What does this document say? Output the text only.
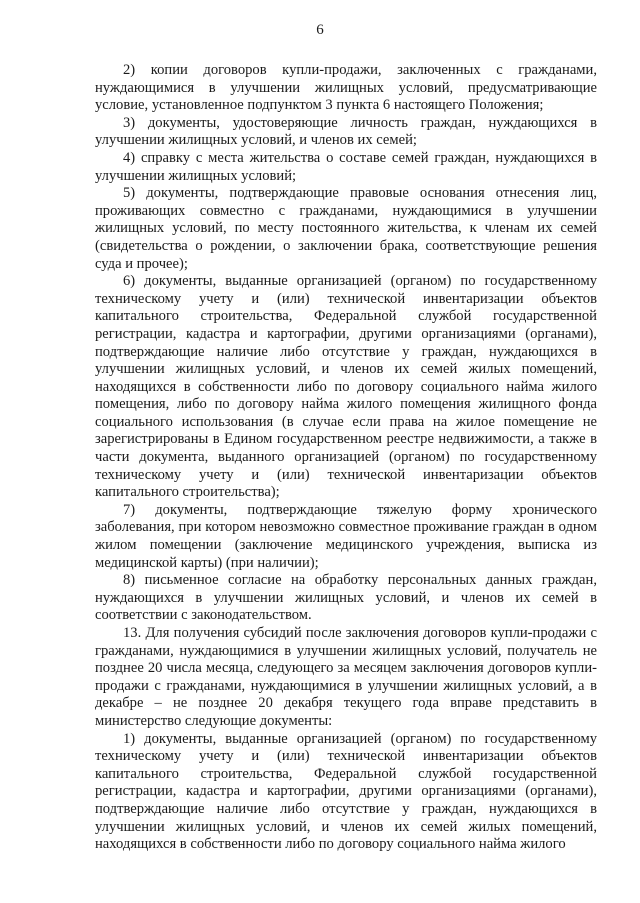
6

2) копии договоров купли-продажи, заключенных с гражданами, нуждающимися в улучшении жилищных условий, предусматривающие условие, установленное подпунктом 3 пункта 6 настоящего Положения;

3) документы, удостоверяющие личность граждан, нуждающихся в улучшении жилищных условий, и членов их семей;

4) справку с места жительства о составе семей граждан, нуждающихся в улучшении жилищных условий;

5) документы, подтверждающие правовые основания отнесения лиц, проживающих совместно с гражданами, нуждающимися в улучшении жилищных условий, по месту постоянного жительства, к членам их семей (свидетельства о рождении, о заключении брака, соответствующие решения суда и прочее);

6) документы, выданные организацией (органом) по государственному техническому учету и (или) технической инвентаризации объектов капитального строительства, Федеральной службой государственной регистрации, кадастра и картографии, другими организациями (органами), подтверждающие наличие либо отсутствие у граждан, нуждающихся в улучшении жилищных условий, и членов их семей жилых помещений, находящихся в собственности либо по договору социального найма жилого помещения, либо по договору найма жилого помещения жилищного фонда социального использования (в случае если права на жилое помещение не зарегистрированы в Едином государственном реестре недвижимости, а также в части документа, выданного организацией (органом) по государственному техническому учету и (или) технической инвентаризации объектов капитального строительства);

7) документы, подтверждающие тяжелую форму хронического заболевания, при котором невозможно совместное проживание граждан в одном жилом помещении (заключение медицинского учреждения, выписка из медицинской карты) (при наличии);

8) письменное согласие на обработку персональных данных граждан, нуждающихся в улучшении жилищных условий, и членов их семей в соответствии с законодательством.

13. Для получения субсидий после заключения договоров купли-продажи с гражданами, нуждающимися в улучшении жилищных условий, получатель не позднее 20 числа месяца, следующего за месяцем заключения договоров купли-продажи с гражданами, нуждающимися в улучшении жилищных условий, а в декабре – не позднее 20 декабря текущего года вправе представить в министерство следующие документы:

1) документы, выданные организацией (органом) по государственному техническому учету и (или) технической инвентаризации объектов капитального строительства, Федеральной службой государственной регистрации, кадастра и картографии, другими организациями (органами), подтверждающие наличие либо отсутствие у граждан, нуждающихся в улучшении жилищных условий, и членов их семей жилых помещений, находящихся в собственности либо по договору социального найма жилого
